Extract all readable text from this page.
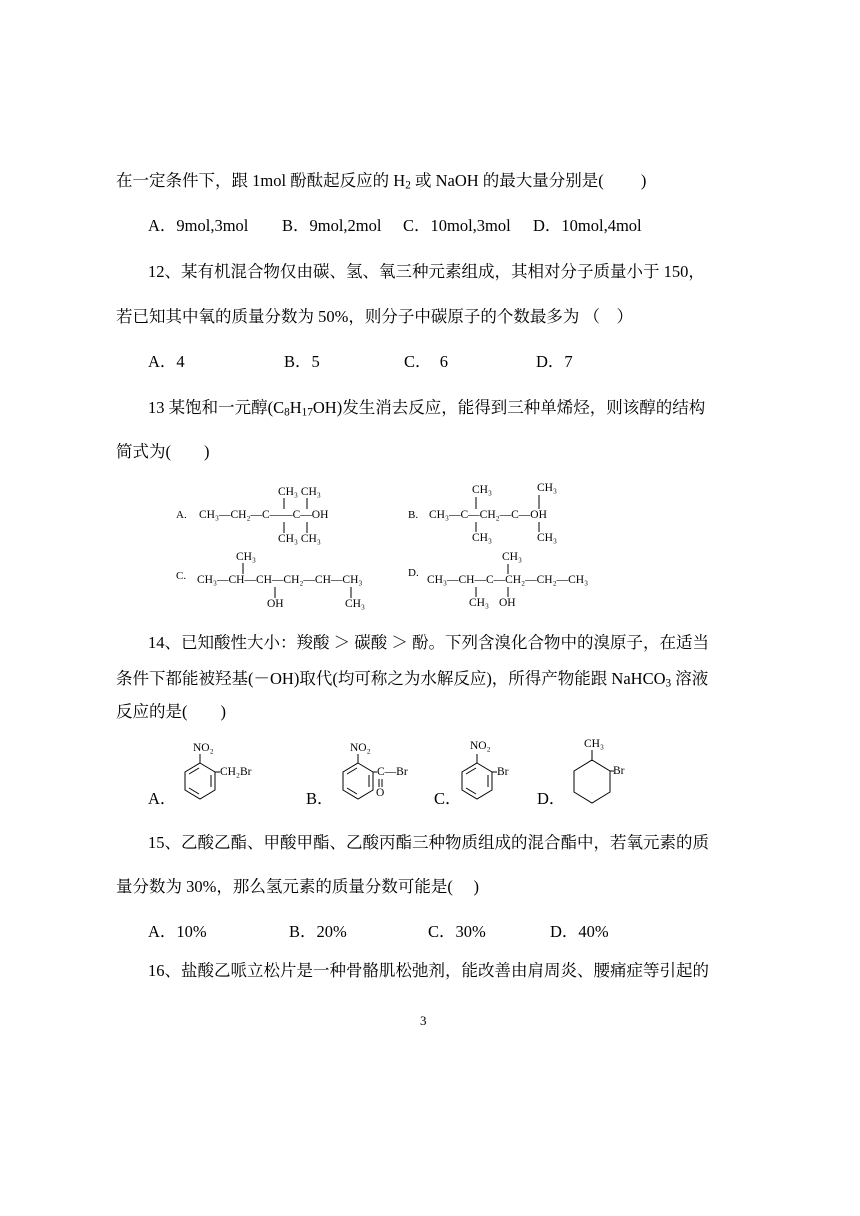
在一定条件下，跟 1mol 酚酞起反应的 $H_2$ 或 NaOH 的最大量分别是(　　 )
A．9mol,3mol B．9mol,2mol C．10mol,3mol D．10mol,4mol
12、某有机混合物仅由碳、氢、氧三种元素组成，其相对分子质量小于 150，
若已知其中氧的质量分数为 50%，则分子中碳原子的个数最多为 （　）
A．4	B．5	C．　6	D．7
13 某饱和一元醇$(C_8H_{17}OH)$发生消去反应，能得到三种单烯烃，则该醇的结构
简式为(　　)
A.
CH₃ CH₃
CH₃—CH₂—C——C—OH
CH₃ CH₃
B.
CH₃	CH₃
CH₃—C—CH₂—C—OH
CH₃	CH₃
C.
CH₃
CH₃—CH—CH—CH₂—CH—CH₃
OH	CH₃
D.
CH₃
CH₃—CH—C—CH₂—CH₂—CH₃
CH₃ OH
14、已知酸性大小：羧酸 ＞ 碳酸 ＞ 酚。下列含溴化合物中的溴原子，在适当
条件下都能被羟基(－OH)取代(均可称之为水解反应)，所得产物能跟 NaHCO$_3$ 溶液
反应的是(　　)
A．
NO₂
CH₂Br
B．
NO₂
C—Br
O	C．
NO₂
Br
D．
CH₃
Br
15、乙酸乙酯、甲酸甲酯、乙酸丙酯三种物质组成的混合酯中，若氧元素的质
量分数为 30%，那么氢元素的质量分数可能是(　 )
A．10%	B．20%	C．30%	D．40%
16、盐酸乙哌立松片是一种骨骼肌松弛剂，能改善由肩周炎、腰痛症等引起的
3
